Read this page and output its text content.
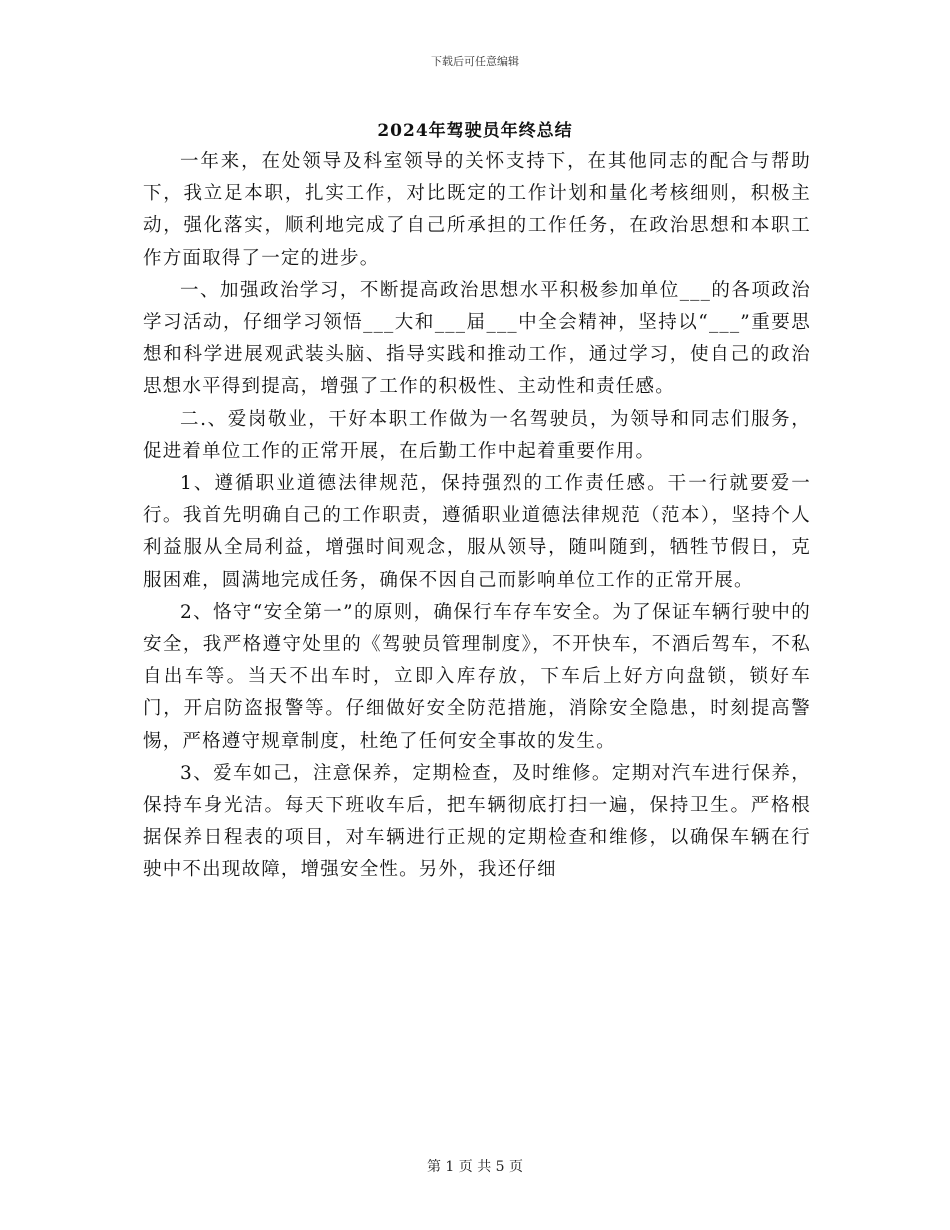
下载后可任意编辑
2024年驾驶员年终总结

一年来，在处领导及科室领导的关怀支持下，在其他同志的配合与帮助下，我立足本职，扎实工作，对比既定的工作计划和量化考核细则，积极主动，强化落实，顺利地完成了自己所承担的工作任务，在政治思想和本职工作方面取得了一定的进步。

一、加强政治学习，不断提高政治思想水平积极参加单位___的各项政治学习活动，仔细学习领悟___大和___届___中全会精神，坚持以“___”重要思想和科学进展观武装头脑、指导实践和推动工作，通过学习，使自己的政治思想水平得到提高，增强了工作的积极性、主动性和责任感。

二.、爱岗敬业，干好本职工作做为一名驾驶员，为领导和同志们服务，促进着单位工作的正常开展，在后勤工作中起着重要作用。

1、遵循职业道德法律规范，保持强烈的工作责任感。干一行就要爱一行。我首先明确自己的工作职责，遵循职业道德法律规范（范本），坚持个人利益服从全局利益，增强时间观念，服从领导，随叫随到，牺牲节假日，克服困难，圆满地完成任务，确保不因自己而影响单位工作的正常开展。

2、恪守“安全第一”的原则，确保行车存车安全。为了保证车辆行驶中的安全，我严格遵守处里的《驾驶员管理制度》，不开快车，不酒后驾车，不私自出车等。当天不出车时，立即入库存放，下车后上好方向盘锁，锁好车门，开启防盗报警等。仔细做好安全防范措施，消除安全隐患，时刻提高警惕，严格遵守规章制度，杜绝了任何安全事故的发生。

3、爱车如己，注意保养，定期检查，及时维修。定期对汽车进行保养，保持车身光洁。每天下班收车后，把车辆彻底打扫一遍，保持卫生。严格根据保养日程表的项目，对车辆进行正规的定期检查和维修，以确保车辆在行驶中不出现故障，增强安全性。另外，我还仔细

第 1 页 共 5 页
